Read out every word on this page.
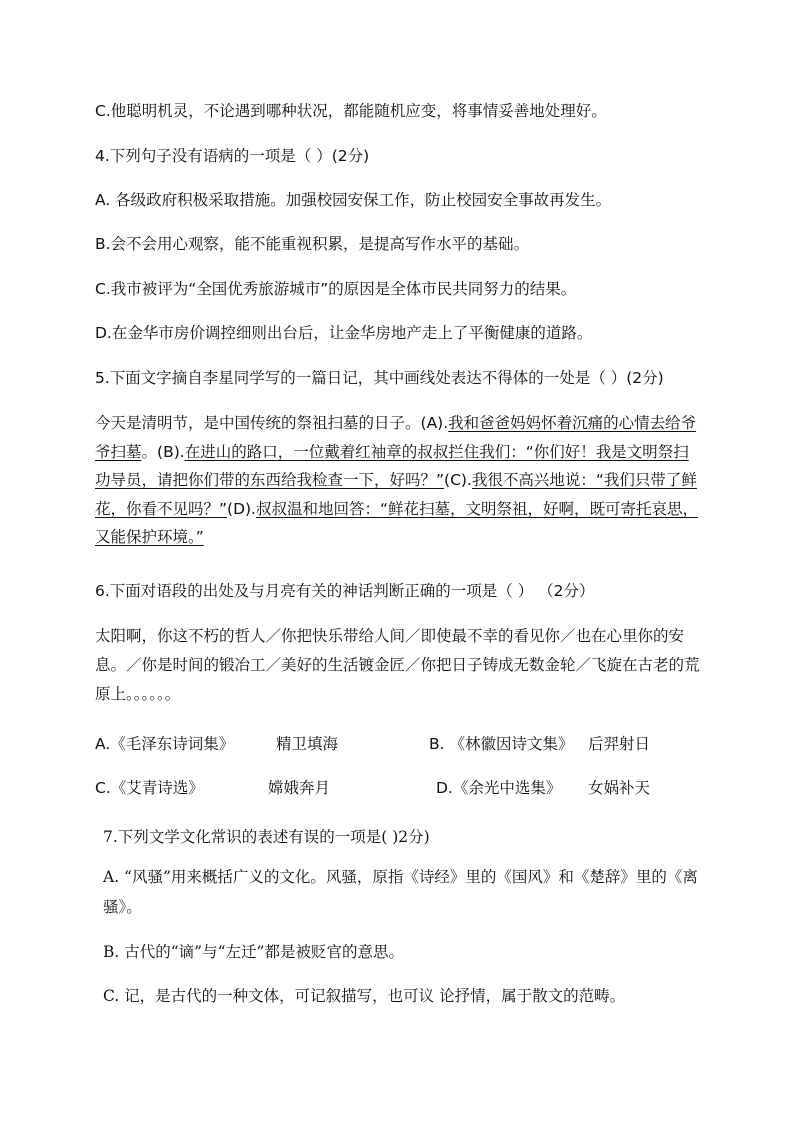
C.他聪明机灵，不论遇到哪种状况，都能随机应变，将事情妥善地处理好。
4.下列句子没有语病的一项是（ ）(2分)
A. 各级政府积极采取措施。加强校园安保工作，防止校园安全事故再发生。
B.会不会用心观察，能不能重视积累，是提高写作水平的基础。
C.我市被评为“全国优秀旅游城市”的原因是全体市民共同努力的结果。
D.在金华市房价调控细则出台后，让金华房地产走上了平衡健康的道路。
5.下面文字摘自李星同学写的一篇日记，其中画线处表达不得体的一处是（ ）(2分)
今天是清明节，是中国传统的祭祖扫墓的日子。(A).我和爸爸妈妈怀着沉痛的心情去给爷爷扫墓。(B).在进山的路口，一位戴着红袖章的叔叔拦住我们：“你们好！我是文明祭扫功导员，请把你们带的东西给我检查一下，好吗？”(C).我很不高兴地说：“我们只带了鲜花，你看不见吗？”(D).叔叔温和地回答：“鲜花扫墓，文明祭祖，好啊，既可寄托哀思，又能保护环境。”
6.下面对语段的出处及与月亮有关的神话判断正确的一项是（ ） （2分）
太阳啊，你这不朽的哲人／你把快乐带给人间／即使最不幸的看见你／也在心里你的安息。／你是时间的锻冶工／美好的生活镀金匠／你把日子铸成无数金轮／飞旋在古老的荒原上。。。。。。
A.《毛泽东诗词集》	精卫填海	B. 《林徽因诗文集》 后羿射日
C.《艾青诗选》	嫦娥奔月	D.《余光中选集》 女娲补天
7.下列文学文化常识的表述有误的一项是( )2分)
A. “风骚”用来概括广义的文化。风骚，原指《诗经》里的《国风》和《楚辞》里的《离骚》。
B. 古代的“谪”与“左迁”都是被贬官的意思。
C. 记，是古代的一种文体，可记叙描写，也可议 论抒情，属于散文的范畴。
